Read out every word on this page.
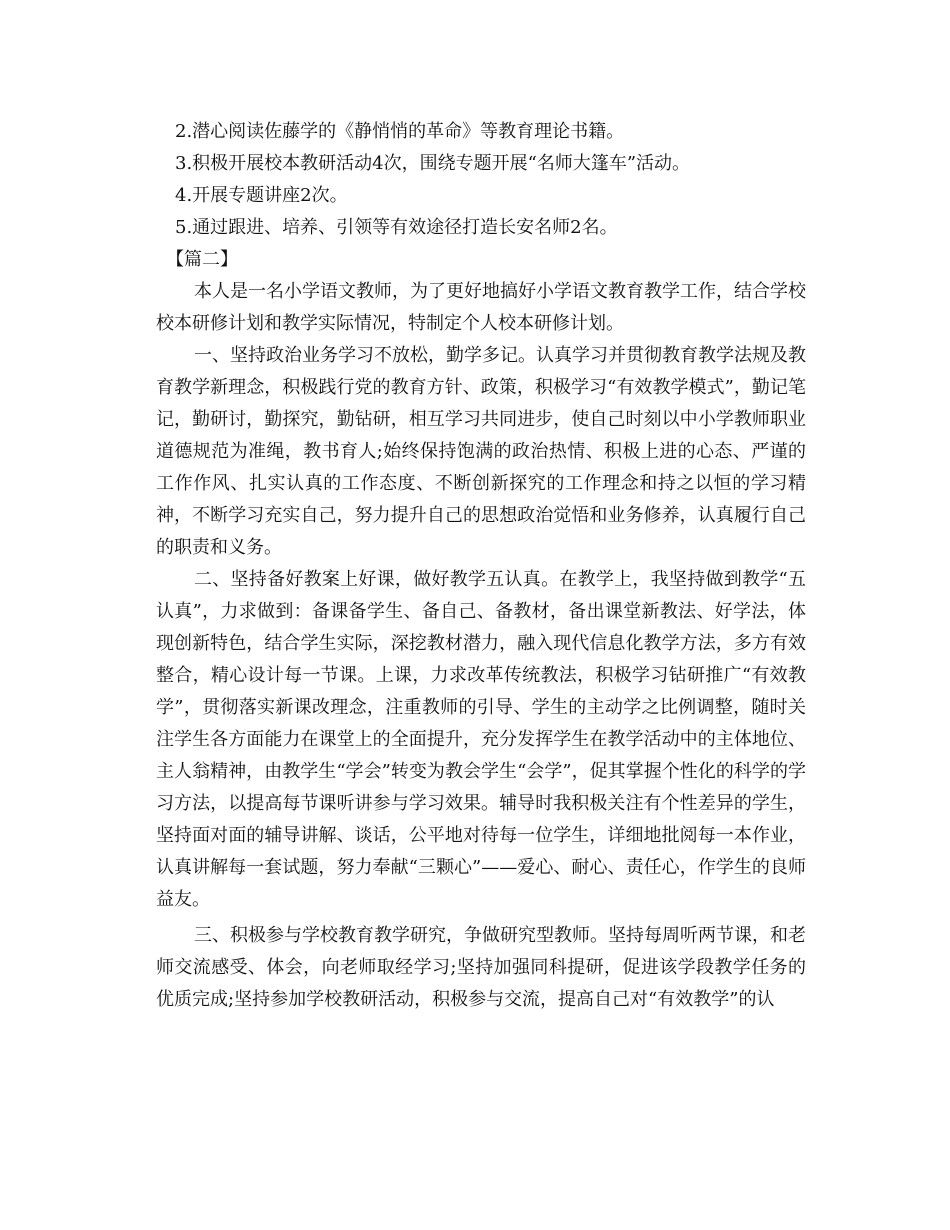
2.潜心阅读佐藤学的《静悄悄的革命》等教育理论书籍。

3.积极开展校本教研活动4次，围绕专题开展“名师大篷车”活动。

4.开展专题讲座2次。

5.通过跟进、培养、引领等有效途径打造长安名师2名。

【篇二】

本人是一名小学语文教师，为了更好地搞好小学语文教育教学工作，结合学校校本研修计划和教学实际情况，特制定个人校本研修计划。

一、坚持政治业务学习不放松，勤学多记。认真学习并贯彻教育教学法规及教育教学新理念，积极践行党的教育方针、政策，积极学习“有效教学模式”，勤记笔记，勤研讨，勤探究，勤钻研，相互学习共同进步，使自己时刻以中小学教师职业道德规范为准绳，教书育人;始终保持饱满的政治热情、积极上进的心态、严谨的工作作风、扎实认真的工作态度、不断创新探究的工作理念和持之以恒的学习精神，不断学习充实自己，努力提升自己的思想政治觉悟和业务修养，认真履行自己的职责和义务。

二、坚持备好教案上好课，做好教学五认真。在教学上，我坚持做到教学“五认真”，力求做到：备课备学生、备自己、备教材，备出课堂新教法、好学法，体现创新特色，结合学生实际，深挖教材潜力，融入现代信息化教学方法，多方有效整合，精心设计每一节课。上课，力求改革传统教法，积极学习钻研推广“有效教学”，贯彻落实新课改理念，注重教师的引导、学生的主动学之比例调整，随时关注学生各方面能力在课堂上的全面提升，充分发挥学生在教学活动中的主体地位、主人翁精神，由教学生“学会”转变为教会学生“会学”，促其掌握个性化的科学的学习方法，以提高每节课听讲参与学习效果。辅导时我积极关注有个性差异的学生，坚持面对面的辅导讲解、谈话，公平地对待每一位学生，详细地批阅每一本作业，认真讲解每一套试题，努力奉献“三颗心”——爱心、耐心、责任心，作学生的良师益友。

三、积极参与学校教育教学研究，争做研究型教师。坚持每周听两节课，和老师交流感受、体会，向老师取经学习;坚持加强同科提研，促进该学段教学任务的优质完成;坚持参加学校教研活动，积极参与交流，提高自己对“有效教学”的认
